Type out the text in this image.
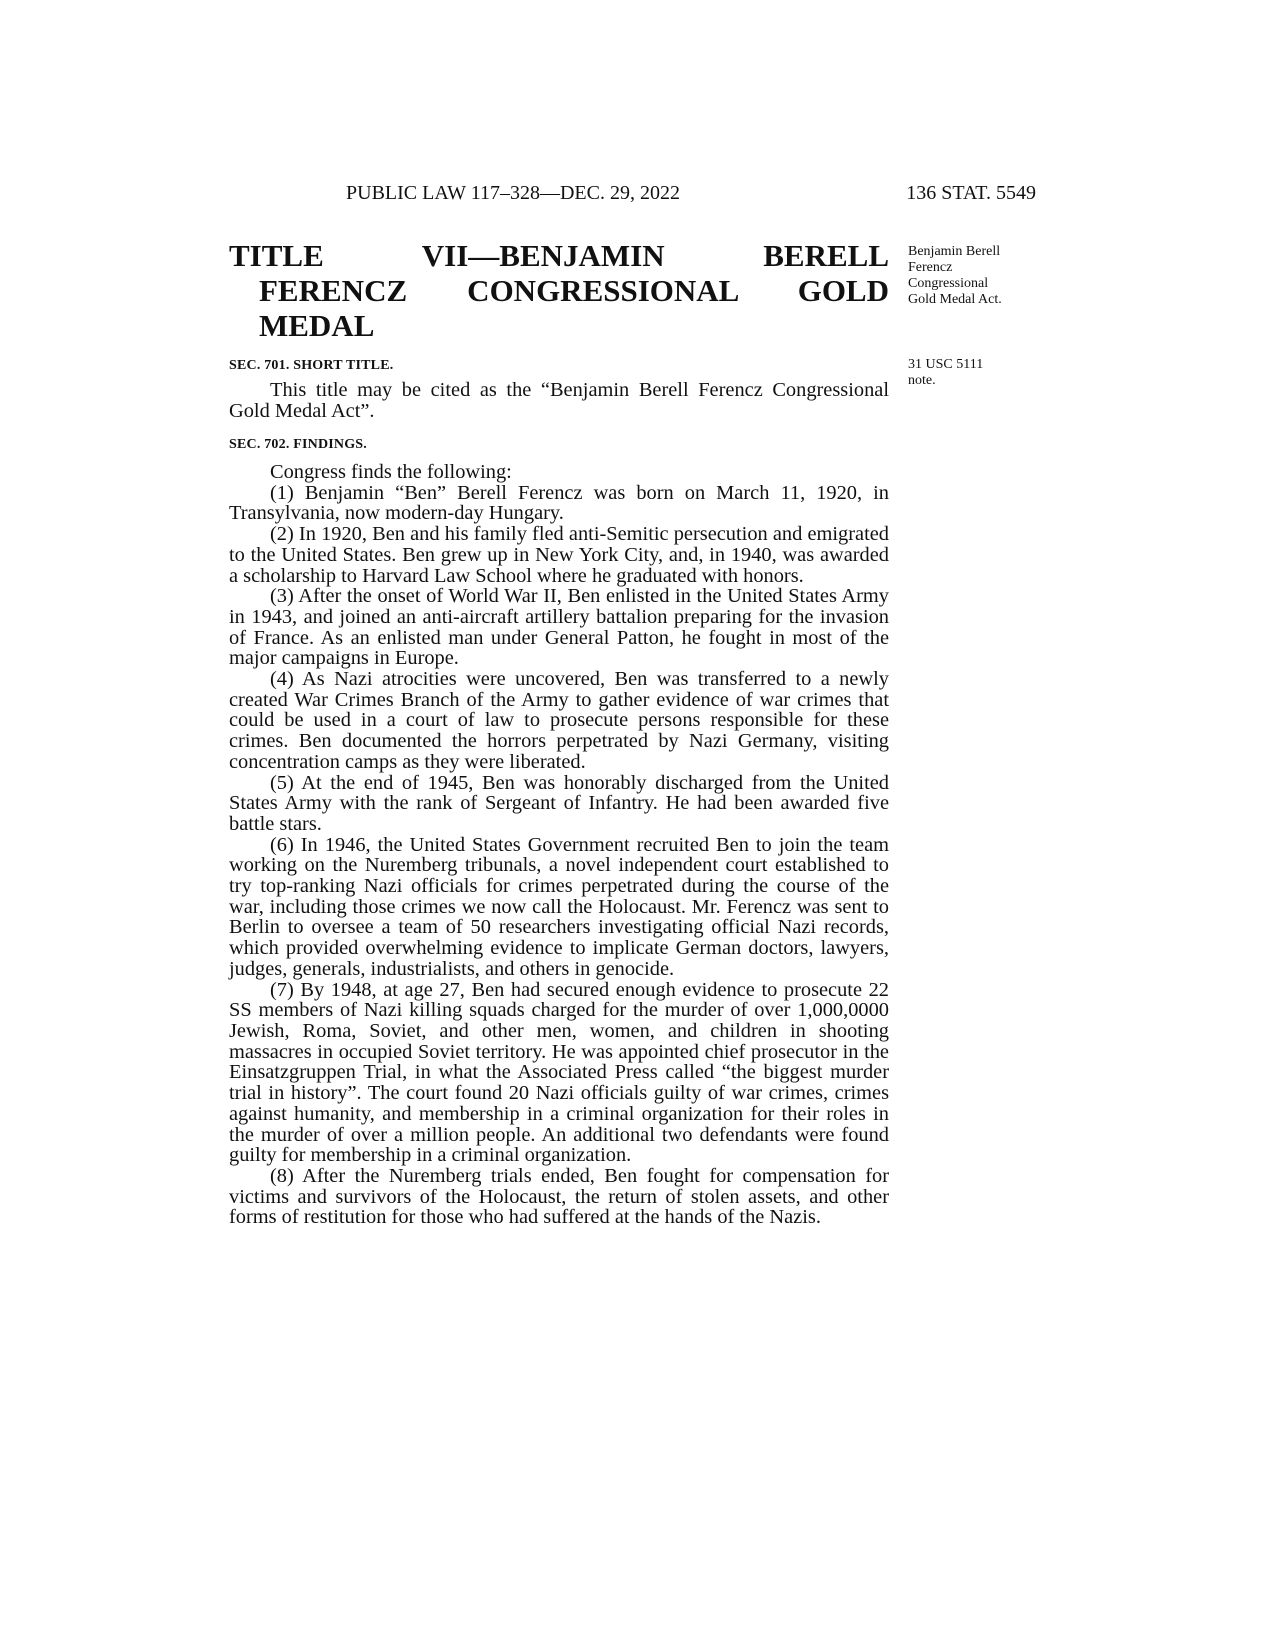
PUBLIC LAW 117–328—DEC. 29, 2022	136 STAT. 5549
TITLE VII—BENJAMIN BERELL
FERENCZ CONGRESSIONAL GOLD
MEDAL
Benjamin Berell
Ferencz
Congressional
Gold Medal Act.
31 USC 5111
note.
SEC. 701. SHORT TITLE.

This title may be cited as the “Benjamin Berell Ferencz Congressional Gold Medal Act”.

SEC. 702. FINDINGS.

Congress finds the following:

(1) Benjamin “Ben” Berell Ferencz was born on March 11, 1920, in Transylvania, now modern-day Hungary.

(2) In 1920, Ben and his family fled anti-Semitic persecution and emigrated to the United States. Ben grew up in New York City, and, in 1940, was awarded a scholarship to Harvard Law School where he graduated with honors.

(3) After the onset of World War II, Ben enlisted in the United States Army in 1943, and joined an anti-aircraft artillery battalion preparing for the invasion of France. As an enlisted man under General Patton, he fought in most of the major campaigns in Europe.

(4) As Nazi atrocities were uncovered, Ben was transferred to a newly created War Crimes Branch of the Army to gather evidence of war crimes that could be used in a court of law to prosecute persons responsible for these crimes. Ben documented the horrors perpetrated by Nazi Germany, visiting concentration camps as they were liberated.

(5) At the end of 1945, Ben was honorably discharged from the United States Army with the rank of Sergeant of Infantry. He had been awarded five battle stars.

(6) In 1946, the United States Government recruited Ben to join the team working on the Nuremberg tribunals, a novel independent court established to try top-ranking Nazi officials for crimes perpetrated during the course of the war, including those crimes we now call the Holocaust. Mr. Ferencz was sent to Berlin to oversee a team of 50 researchers investigating official Nazi records, which provided overwhelming evidence to implicate German doctors, lawyers, judges, generals, industrialists, and others in genocide.

(7) By 1948, at age 27, Ben had secured enough evidence to prosecute 22 SS members of Nazi killing squads charged for the murder of over 1,000,0000 Jewish, Roma, Soviet, and other men, women, and children in shooting massacres in occupied Soviet territory. He was appointed chief prosecutor in the Einsatzgruppen Trial, in what the Associated Press called “the biggest murder trial in history”. The court found 20 Nazi officials guilty of war crimes, crimes against humanity, and membership in a criminal organization for their roles in the murder of over a million people. An additional two defendants were found guilty for membership in a criminal organization.

(8) After the Nuremberg trials ended, Ben fought for compensation for victims and survivors of the Holocaust, the return of stolen assets, and other forms of restitution for those who had suffered at the hands of the Nazis.
